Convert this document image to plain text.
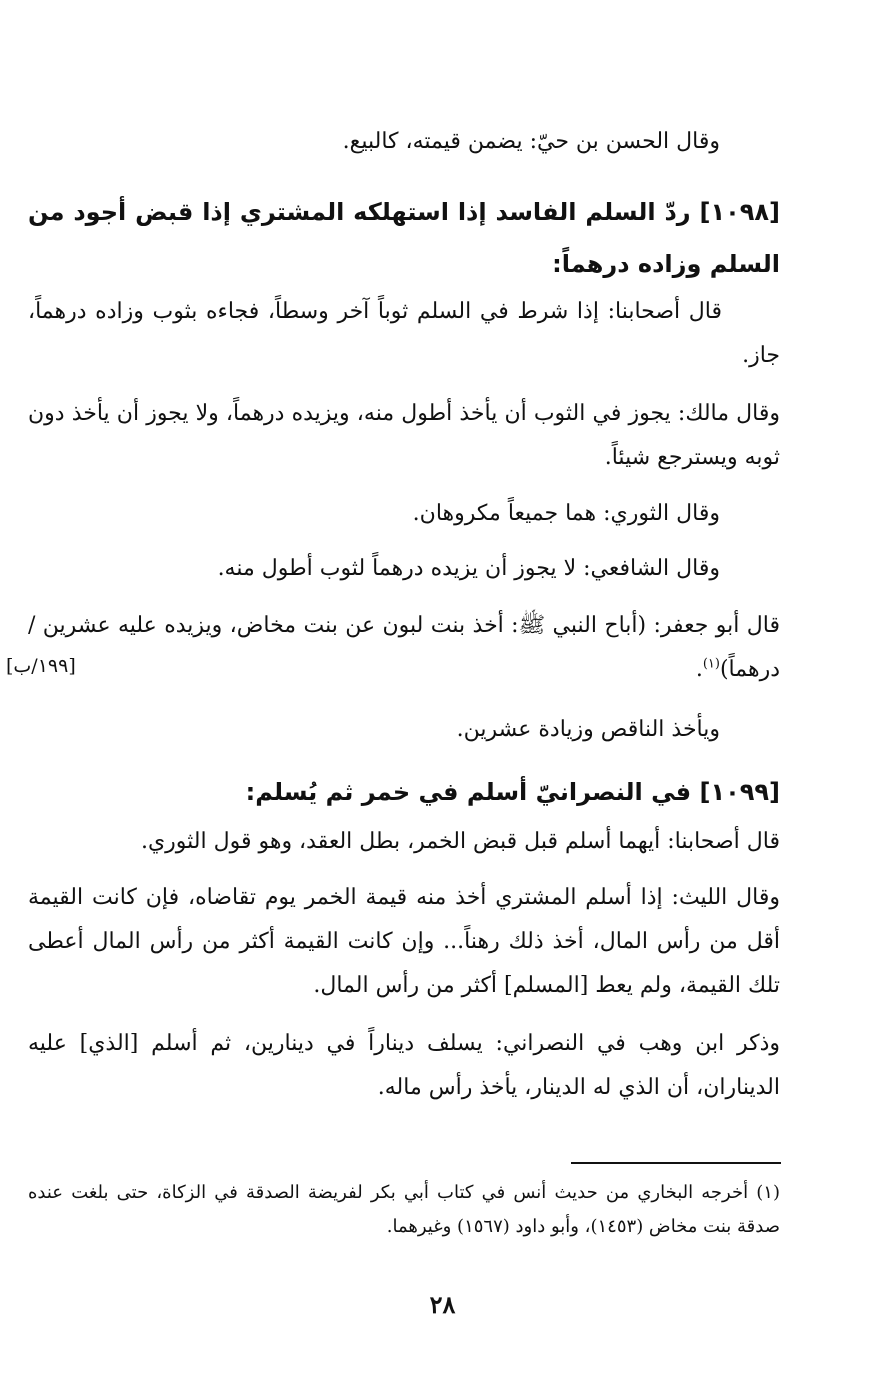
وقال الحسن بن حيّ: يضمن قيمته، كالبيع.
[١٠٩٨] ردّ السلم الفاسد إذا استهلكه المشتري إذا قبض أجود من السلم وزاده درهماً:
قال أصحابنا: إذا شرط في السلم ثوباً آخر وسطاً، فجاءه بثوب وزاده درهماً، جاز.
وقال مالك: يجوز في الثوب أن يأخذ أطول منه، ويزيده درهماً، ولا يجوز أن يأخذ دون ثوبه ويسترجع شيئاً.
وقال الثوري: هما جميعاً مكروهان.
وقال الشافعي: لا يجوز أن يزيده درهماً لثوب أطول منه.
قال أبو جعفر: (أباح النبي ﷺ: أخذ بنت لبون عن بنت مخاض، ويزيده عليه عشرين / درهماً)$^{(١)}$.
[١٩٩/ب]
ويأخذ الناقص وزيادة عشرين.
[١٠٩٩] في النصرانيّ أسلم في خمر ثم يُسلم:
قال أصحابنا: أيهما أسلم قبل قبض الخمر، بطل العقد، وهو قول الثوري.
وقال الليث: إذا أسلم المشتري أخذ منه قيمة الخمر يوم تقاضاه، فإن كانت القيمة أقل من رأس المال، أخذ ذلك رهناً... وإن كانت القيمة أكثر من رأس المال أعطى تلك القيمة، ولم يعط [المسلم] أكثر من رأس المال.
وذكر ابن وهب في النصراني: يسلف ديناراً في دينارين، ثم أسلم [الذي] عليه الديناران، أن الذي له الدينار، يأخذ رأس ماله.
(١) أخرجه البخاري من حديث أنس في كتاب أبي بكر لفريضة الصدقة في الزكاة، حتى بلغت عنده صدقة بنت مخاض (١٤٥٣)، وأبو داود (١٥٦٧) وغيرهما.
٢٨
